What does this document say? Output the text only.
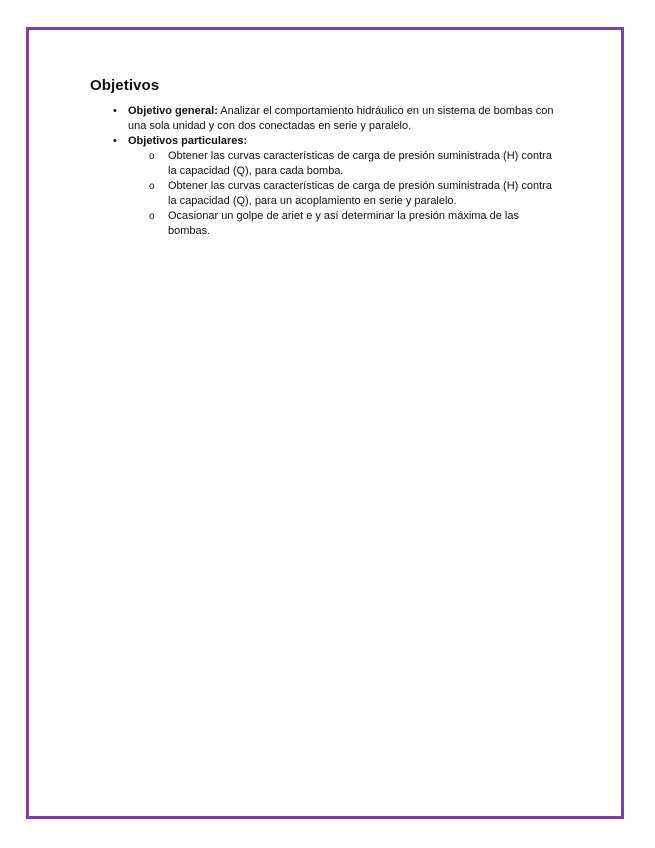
Objetivos
• Objetivo general: Analizar el comportamiento hidráulico en un sistema de bombas con una sola unidad y con dos conectadas en serie y paralelo.
• Objetivos particulares:
o Obtener las curvas características de carga de presión suministrada (H) contra la capacidad (Q), para cada bomba.
o Obtener las curvas características de carga de presión suministrada (H) contra la capacidad (Q), para un acoplamiento en serie y paralelo.
o Ocasionar un golpe de ariet e y así determinar la presión máxima de las bombas.
